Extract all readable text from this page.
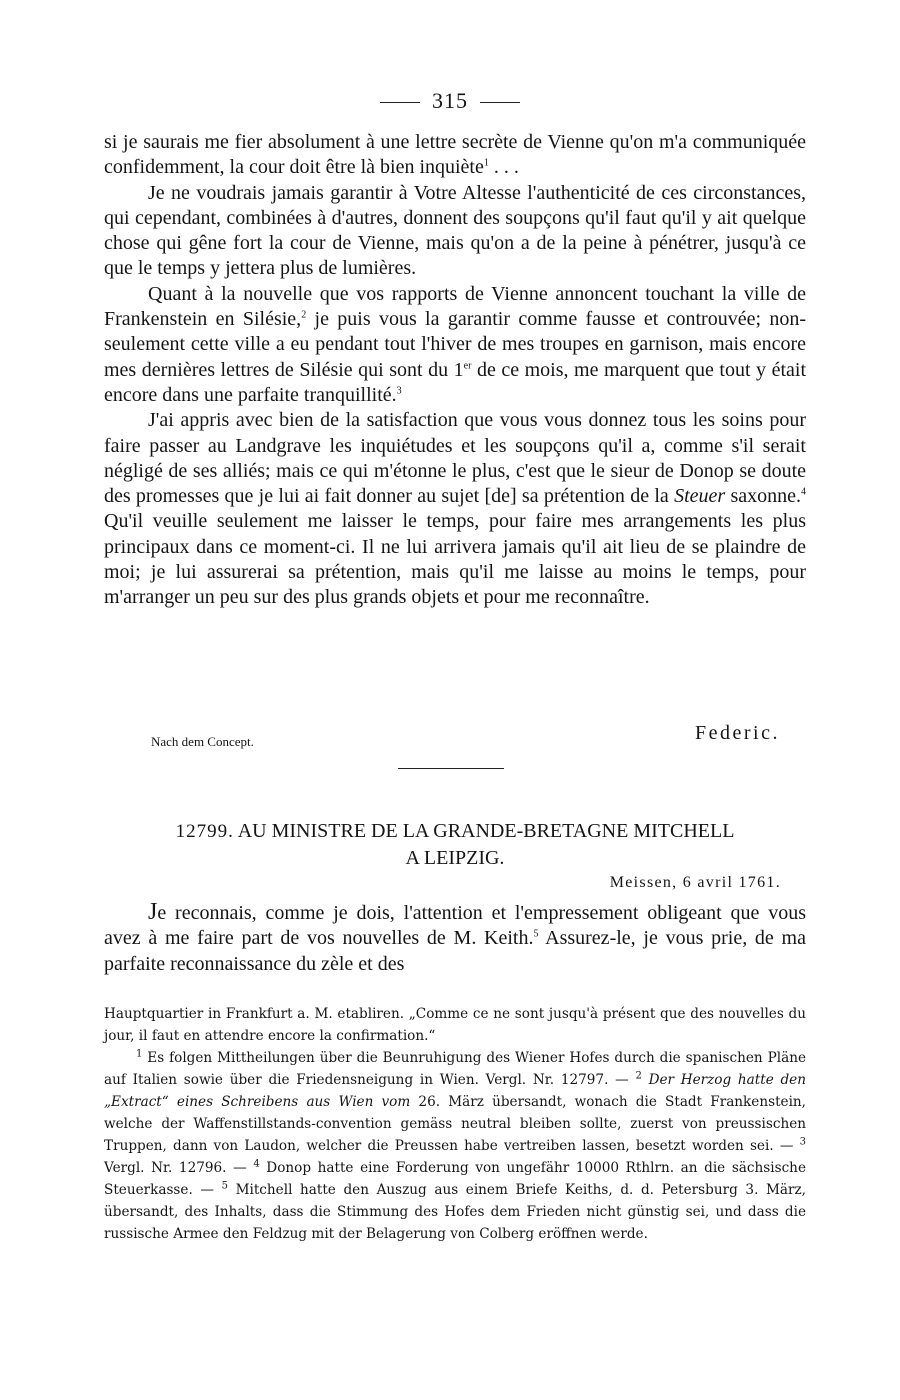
315

si je saurais me fier absolument à une lettre secrète de Vienne qu'on m'a communiquée confidemment, la cour doit être là bien inquiète$^1$ . . .

Je ne voudrais jamais garantir à Votre Altesse l'authenticité de ces circonstances, qui cependant, combinées à d'autres, donnent des soupçons qu'il faut qu'il y ait quelque chose qui gêne fort la cour de Vienne, mais qu'on a de la peine à pénétrer, jusqu'à ce que le temps y jettera plus de lumières.

Quant à la nouvelle que vos rapports de Vienne annoncent touchant la ville de Frankenstein en Silésie,$^2$ je puis vous la garantir comme fausse et controuvée; non-seulement cette ville a eu pendant tout l'hiver de mes troupes en garnison, mais encore mes dernières lettres de Silésie qui sont du 1er de ce mois, me marquent que tout y était encore dans une parfaite tranquillité.$^3$

J'ai appris avec bien de la satisfaction que vous vous donnez tous les soins pour faire passer au Landgrave les inquiétudes et les soupçons qu'il a, comme s'il serait négligé de ses alliés; mais ce qui m'étonne le plus, c'est que le sieur de Donop se doute des promesses que je lui ai fait donner au sujet [de] sa prétention de la Steuer saxonne.$^4$ Qu'il veuille seulement me laisser le temps, pour faire mes arrangements les plus principaux dans ce moment-ci. Il ne lui arrivera jamais qu'il ait lieu de se plaindre de moi; je lui assurerai sa prétention, mais qu'il me laisse au moins le temps, pour m'arranger un peu sur des plus grands objets et pour me reconnaître.

Nach dem Concept.	Federic.
12799. AU MINISTRE DE LA GRANDE-BRETAGNE MITCHELL
A LEIPZIG.
Meissen, 6 avril 1761.

Je reconnais, comme je dois, l'attention et l'empressement obligeant que vous avez à me faire part de vos nouvelles de M. Keith.$^5$ Assurez-le, je vous prie, de ma parfaite reconnaissance du zèle et des

Hauptquartier in Frankfurt a. M. etabliren. „Comme ce ne sont jusqu'à présent que des nouvelles du jour, il faut en attendre encore la confirmation.“

$^1$ Es folgen Mittheilungen über die Beunruhigung des Wiener Hofes durch die spanischen Pläne auf Italien sowie über die Friedensneigung in Wien. Vergl. Nr. 12797. — $^2$ Der Herzog hatte den „Extract“ eines Schreibens aus Wien vom 26. März übersandt, wonach die Stadt Frankenstein, welche der Waffenstillstands-convention gemäss neutral bleiben sollte, zuerst von preussischen Truppen, dann von Laudon, welcher die Preussen habe vertreiben lassen, besetzt worden sei. — $^3$ Vergl. Nr. 12796. — $^4$ Donop hatte eine Forderung von ungefähr 10000 Rthlrn. an die sächsische Steuerkasse. — $^5$ Mitchell hatte den Auszug aus einem Briefe Keiths, d. d. Petersburg 3. März, übersandt, des Inhalts, dass die Stimmung des Hofes dem Frieden nicht günstig sei, und dass die russische Armee den Feldzug mit der Belagerung von Colberg eröffnen werde.
